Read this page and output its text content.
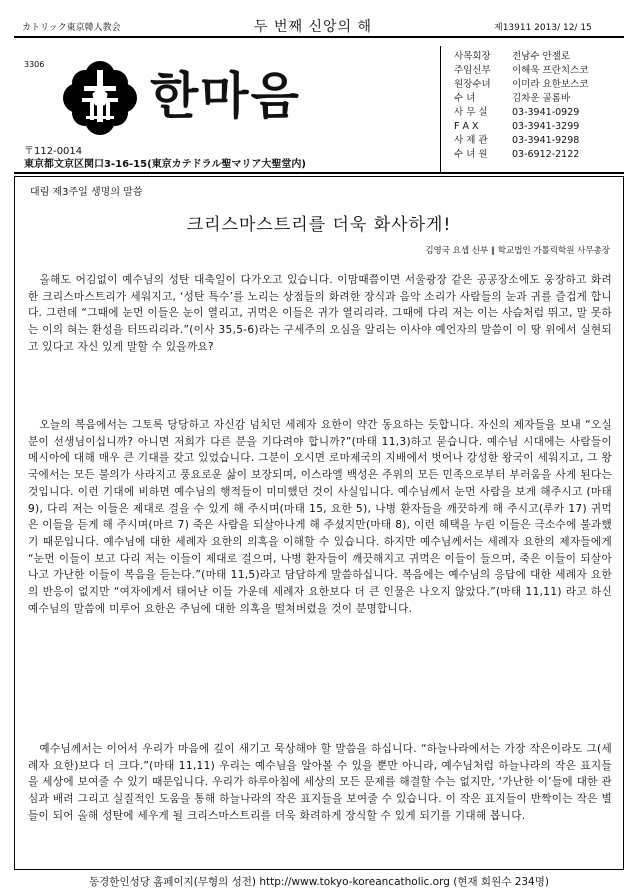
カトリック東京韓人教会	두 번째 신앙의 해	제13911 2013/ 12/ 15
3306
한마음
〒112-0014
東京都文京区関口3-16-15(東京カテドラル聖マリア大聖堂内)
사목회장 전남수 안젤로
주임신부 이해욱 프란치스코
원장수녀 이미라 요한보스코
수 녀	김차운 골롬바
사 무 실	03-3941-0929
F A X	03-3941-3299
사 제 관	03-3941-9298
수 녀 원	03-6912-2122
대림 제3주일 생명의 말씀
크리스마스트리를 더욱 화사하게!
김영국 요셉 신부 ∥ 학교법인 가톨릭학원 사무총장
　올해도 어김없이 예수님의 성탄 대축일이 다가오고 있습니다. 이맘때쯤이면 서울광장 같은 공공장소에도 웅장하고 화려한 크리스마스트리가 세워지고, ‘성탄 특수’를 노리는 상점들의 화려한 장식과 음악 소리가 사람들의 눈과 귀를 즐겁게 합니다. 그런데 “그때에 눈먼 이들은 눈이 열리고, 귀먹은 이들은 귀가 열리리라. 그때에 다리 저는 이는 사슴처럼 뛰고, 말 못하는 이의 혀는 환성을 터뜨리리라.”(이사 35,5-6)라는 구세주의 오심을 알리는 이사야 예언자의 말씀이 이 땅 위에서 실현되고 있다고 자신 있게 말할 수 있을까요?
　오늘의 복음에서는 그토록 당당하고 자신감 넘치던 세례자 요한이 약간 동요하는 듯합니다. 자신의 제자들을 보내 “오실 분이 선생님이십니까? 아니면 저희가 다른 분을 기다려야 합니까?”(마태 11,3)하고 묻습니다. 예수님 시대에는 사람들이 메시아에 대해 매우 큰 기대를 갖고 있었습니다. 그분이 오시면 로마제국의 지배에서 벗어나 강성한 왕국이 세워지고, 그 왕국에서는 모든 불의가 사라지고 풍요로운 삶이 보장되며, 이스라엘 백성은 주위의 모든 민족으로부터 부러움을 사게 된다는 것입니다. 이런 기대에 비하면 예수님의 행적들이 미미했던 것이 사실입니다. 예수님께서 눈먼 사람을 보게 해주시고 (마태 9), 다리 저는 이들은 제대로 걸을 수 있게 해 주시며(마태 15, 요한 5), 나병 환자들을 깨끗하게 해 주시고(루카 17) 귀먹은 이들을 듣게 해 주시며(마르 7) 죽은 사람을 되살아나게 해 주셨지만(마태 8), 이런 혜택을 누린 이들은 극소수에 불과했기 때문입니다. 예수님에 대한 세례자 요한의 의혹을 이해할 수 있습니다. 하지만 예수님께서는 세례자 요한의 제자들에게 “눈먼 이들이 보고 다리 저는 이들이 제대로 걸으며, 나병 환자들이 깨끗해지고 귀먹은 이들이 들으며, 죽은 이들이 되살아나고 가난한 이들이 복음을 듣는다.”(마태 11,5)라고 담담하게 말씀하십니다. 복음에는 예수님의 응답에 대한 세례자 요한의 반응이 없지만 “여자에게서 태어난 이들 가운데 세례자 요한보다 더 큰 인물은 나오지 않았다.”(마태 11,11) 라고 하신 예수님의 말씀에 미루어 요한은 주님에 대한 의혹을 떨쳐버렸을 것이 분명합니다.
　예수님께서는 이어서 우리가 마음에 깊이 새기고 묵상해야 할 말씀을 하십니다. “하늘나라에서는 가장 작은이라도 그(세례자 요한)보다 더 크다.”(마태 11,11) 우리는 예수님을 알아볼 수 있을 뿐만 아니라, 예수님처럼 하늘나라의 작은 표지들을 세상에 보여줄 수 있기 때문입니다. 우리가 하루아침에 세상의 모든 문제를 해결할 수는 없지만, ‘가난한 이’들에 대한 관심과 배려 그리고 실질적인 도움을 통해 하늘나라의 작은 표지들을 보여줄 수 있습니다. 이 작은 표지들이 반짝이는 작은 별들이 되어 올해 성탄에 세우게 될 크리스마스트리를 더욱 화려하게 장식할 수 있게 되기를 기대해 봅니다.
동경한인성당 홈페이지(무형의 성전) http://www.tokyo-koreancatholic.org (현재 회원수 234명)
